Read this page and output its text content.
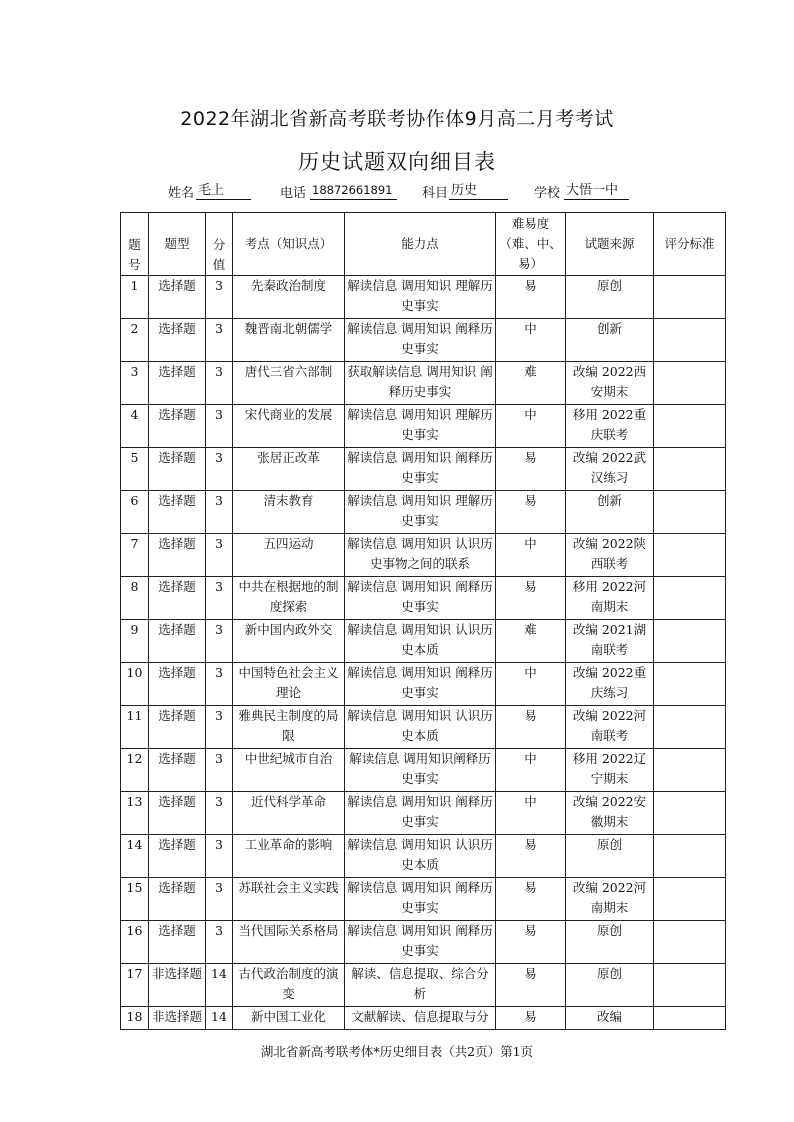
2022年湖北省新高考联考协作体9月高二月考考试
历史试题双向细目表
姓名 毛上	电话 18872661891	科目 历史	学校 大悟一中
题号	题型	分值	考点（知识点）	能力点	难易度（难、中、易）	试题来源	评分标准
1	选择题	3	先秦政治制度	解读信息 调用知识 理解历史事实	易	原创	
2	选择题	3	魏晋南北朝儒学	解读信息 调用知识 阐释历史事实	中	创新	
3	选择题	3	唐代三省六部制	获取解读信息 调用知识 阐释历史事实	难	改编 2022西安期末	
4	选择题	3	宋代商业的发展	解读信息 调用知识 理解历史事实	中	移用 2022重庆联考	
5	选择题	3	张居正改革	解读信息 调用知识 阐释历史事实	易	改编 2022武汉练习	
6	选择题	3	清末教育	解读信息 调用知识 理解历史事实	易	创新	
7	选择题	3	五四运动	解读信息 调用知识 认识历史事物之间的联系	中	改编 2022陕西联考	
8	选择题	3	中共在根据地的制度探索	解读信息 调用知识 阐释历史事实	易	移用 2022河南期末	
9	选择题	3	新中国内政外交	解读信息 调用知识 认识历史本质	难	改编 2021湖南联考	
10	选择题	3	中国特色社会主义理论	解读信息 调用知识 阐释历史事实	中	改编 2022重庆练习	
11	选择题	3	雅典民主制度的局限	解读信息 调用知识 认识历史本质	易	改编 2022河南联考	
12	选择题	3	中世纪城市自治	解读信息 调用知识阐释历史事实	中	移用 2022辽宁期末	
13	选择题	3	近代科学革命	解读信息 调用知识 阐释历史事实	中	改编 2022安徽期末	
14	选择题	3	工业革命的影响	解读信息 调用知识 认识历史本质	易	原创	
15	选择题	3	苏联社会主义实践	解读信息 调用知识 阐释历史事实	易	改编 2022河南期末	
16	选择题	3	当代国际关系格局	解读信息 调用知识 阐释历史事实	易	原创	
17	非选择题	14	古代政治制度的演变	解读、信息提取、综合分析	易	原创	
18	非选择题	14	新中国工业化	文献解读、信息提取与分	易	改编	
湖北省新高考联考体*历史细目表（共2页）第1页
